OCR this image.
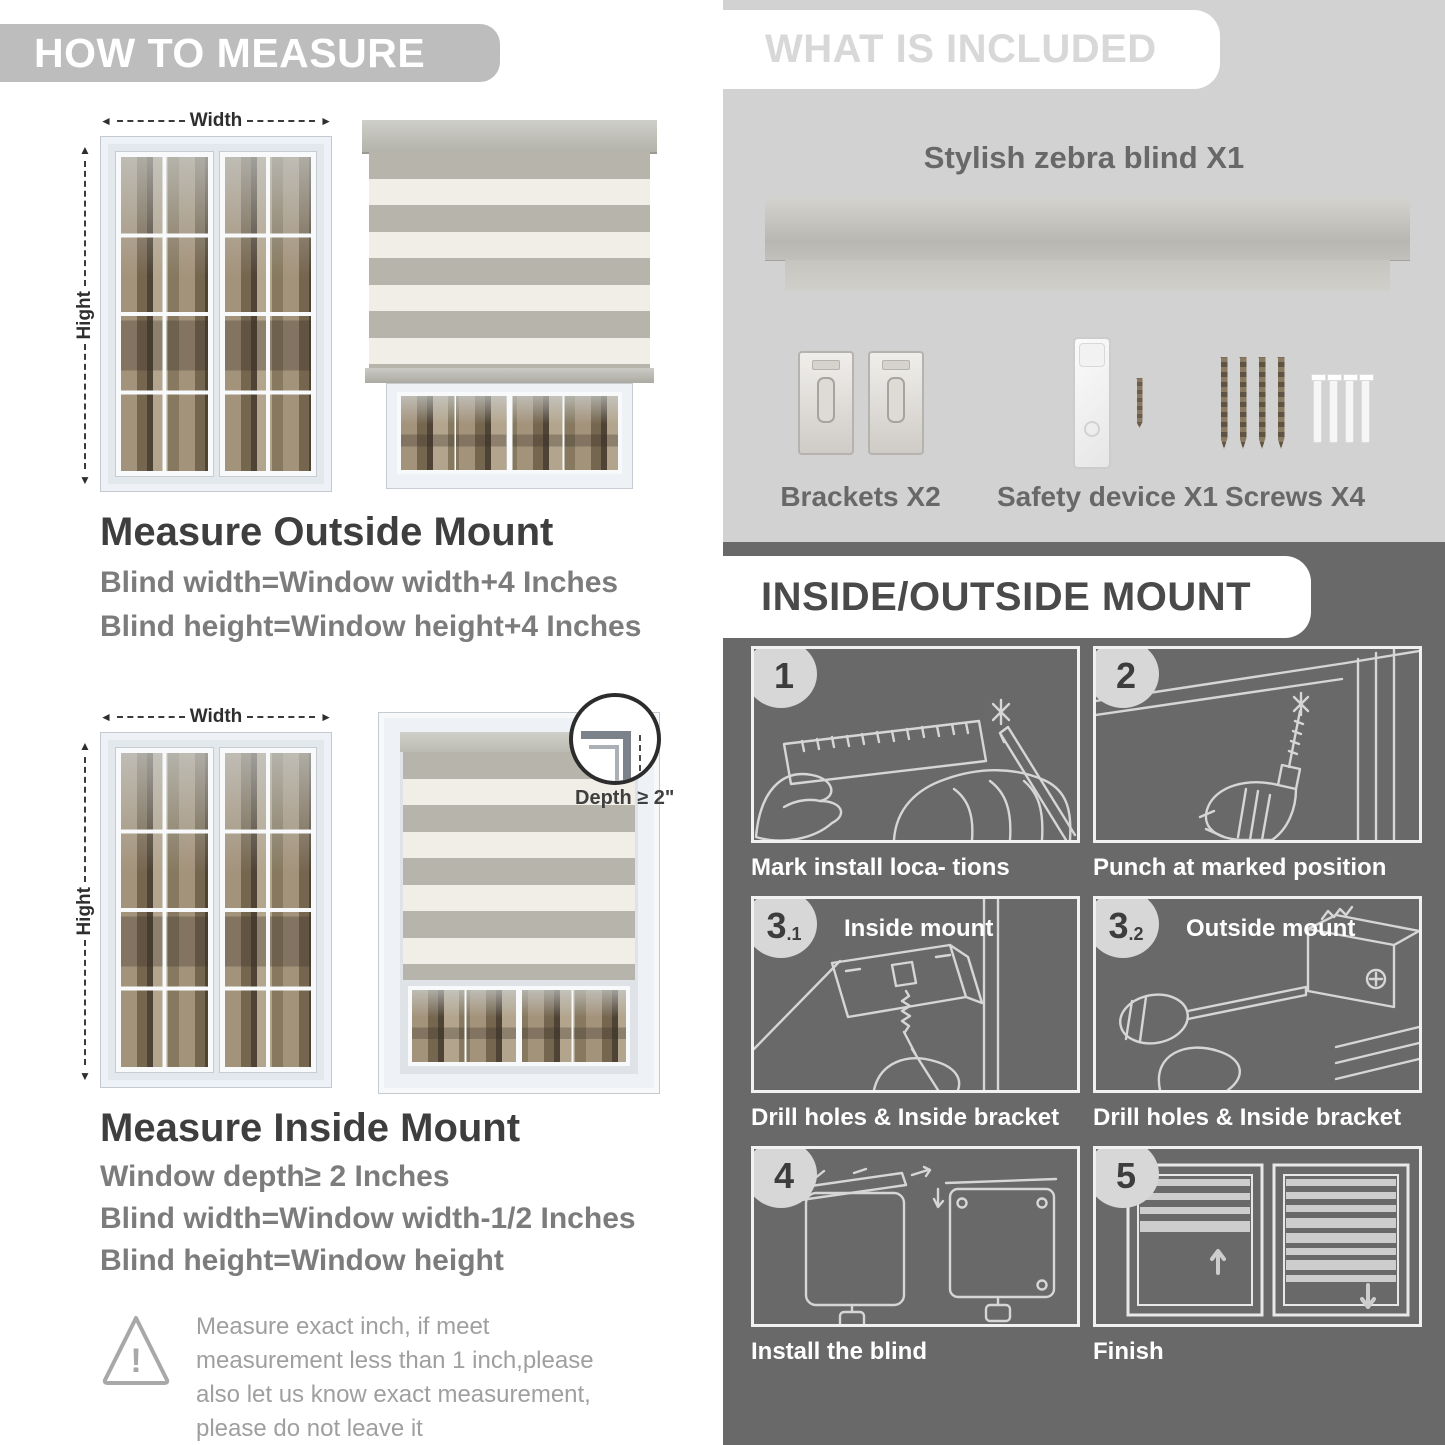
HOW TO MEASURE
◄	Width	►
▲
Hight
▼
Measure Outside Mount
Blind width=Window width+4 Inches
Blind height=Window height+4 Inches
◄	Width	►
▲
Hight
▼
Depth ≥ 2"
Measure Inside Mount
Window depth≥ 2 Inches
Blind width=Window width-1/2 Inches
Blind height=Window height
!
Measure exact inch, if meet measurement less than 1 inch,please also let us know exact measurement, please do not leave it
WHAT IS INCLUDED
Stylish zebra blind X1
Brackets X2 Safety device X1 Screws X4
INSIDE/OUTSIDE MOUNT
1
Mark install loca- tions
2
Punch at marked position
3 .1 Inside mount
Drill holes & Inside bracket
3 .2 Outside mount
Drill holes & Inside bracket
4
Install the blind
5
Finish
